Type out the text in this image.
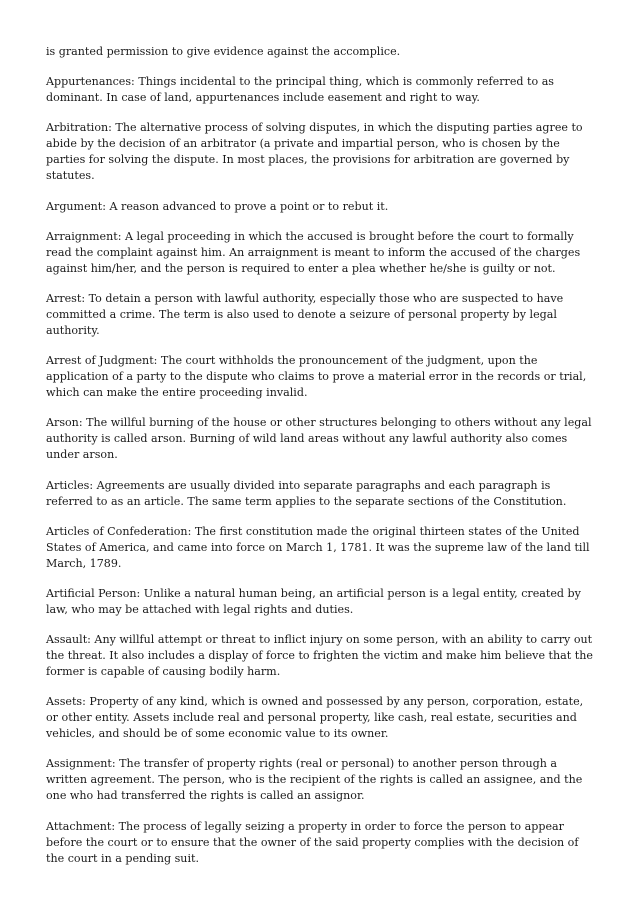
is granted permission to give evidence against the accomplice.

Appurtenances: Things incidental to the principal thing, which is commonly referred to as dominant. In case of land, appurtenances include easement and right to way.

Arbitration: The alternative process of solving disputes, in which the disputing parties agree to abide by the decision of an arbitrator (a private and impartial person, who is chosen by the parties for solving the dispute. In most places, the provisions for arbitration are governed by statutes.

Argument: A reason advanced to prove a point or to rebut it.

Arraignment: A legal proceeding in which the accused is brought before the court to formally read the complaint against him. An arraignment is meant to inform the accused of the charges against him/her, and the person is required to enter a plea whether he/she is guilty or not.

Arrest: To detain a person with lawful authority, especially those who are suspected to have committed a crime. The term is also used to denote a seizure of personal property by legal authority.

Arrest of Judgment: The court withholds the pronouncement of the judgment, upon the application of a party to the dispute who claims to prove a material error in the records or trial, which can make the entire proceeding invalid.

Arson: The willful burning of the house or other structures belonging to others without any legal authority is called arson. Burning of wild land areas without any lawful authority also comes under arson.

Articles: Agreements are usually divided into separate paragraphs and each paragraph is referred to as an article. The same term applies to the separate sections of the Constitution.

Articles of Confederation: The first constitution made the original thirteen states of the United States of America, and came into force on March 1, 1781. It was the supreme law of the land till March, 1789.

Artificial Person: Unlike a natural human being, an artificial person is a legal entity, created by law, who may be attached with legal rights and duties.

Assault: Any willful attempt or threat to inflict injury on some person, with an ability to carry out the threat. It also includes a display of force to frighten the victim and make him believe that the former is capable of causing bodily harm.

Assets: Property of any kind, which is owned and possessed by any person, corporation, estate, or other entity. Assets include real and personal property, like cash, real estate, securities and vehicles, and should be of some economic value to its owner.

Assignment: The transfer of property rights (real or personal) to another person through a written agreement. The person, who is the recipient of the rights is called an assignee, and the one who had transferred the rights is called an assignor.

Attachment: The process of legally seizing a property in order to force the person to appear before the court or to ensure that the owner of the said property complies with the decision of the court in a pending suit.
